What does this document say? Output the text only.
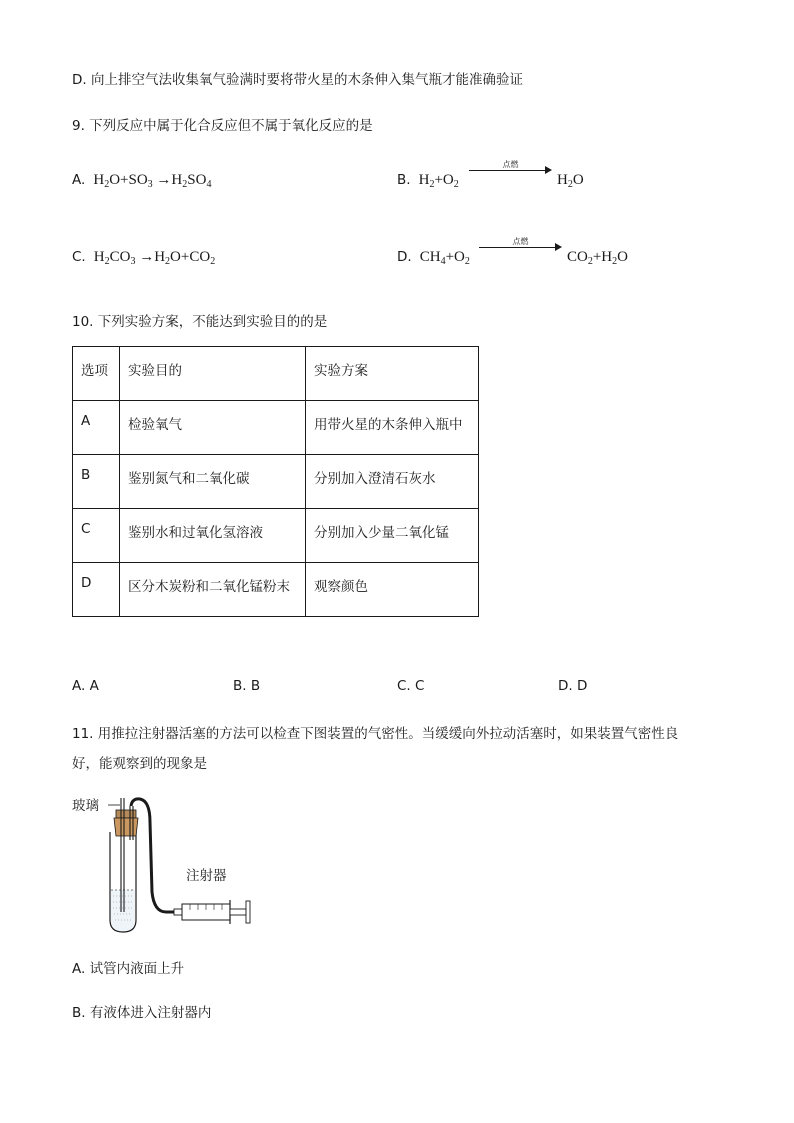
D. 向上排空气法收集氧气验满时要将带火星的木条伸入集气瓶才能准确验证
9. 下列反应中属于化合反应但不属于氧化反应的是
A.  $H_2O+SO_3 \to H_2SO_4$	B.  $H_2+O_2$
点燃
$H_2O$
C.  $H_2CO_3 \to H_2O+CO_2$	D.  $CH_4+O_2$
点燃
$CO_2+H_2O$
10. 下列实验方案，不能达到实验目的的是
选项	实验目的	实验方案
A	检验氧气	用带火星的木条伸入瓶中
B	鉴别氮气和二氧化碳	分别加入澄清石灰水
C	鉴别水和过氧化氢溶液	分别加入少量二氧化锰
D	区分木炭粉和二氧化锰粉末	观察颜色
A. A	B. B	C. C	D. D
11. 用推拉注射器活塞的方法可以检查下图装置的气密性。当缓缓向外拉动活塞时，如果装置气密性良
好，能观察到的现象是
玻璃
注射器
A. 试管内液面上升
B. 有液体进入注射器内
